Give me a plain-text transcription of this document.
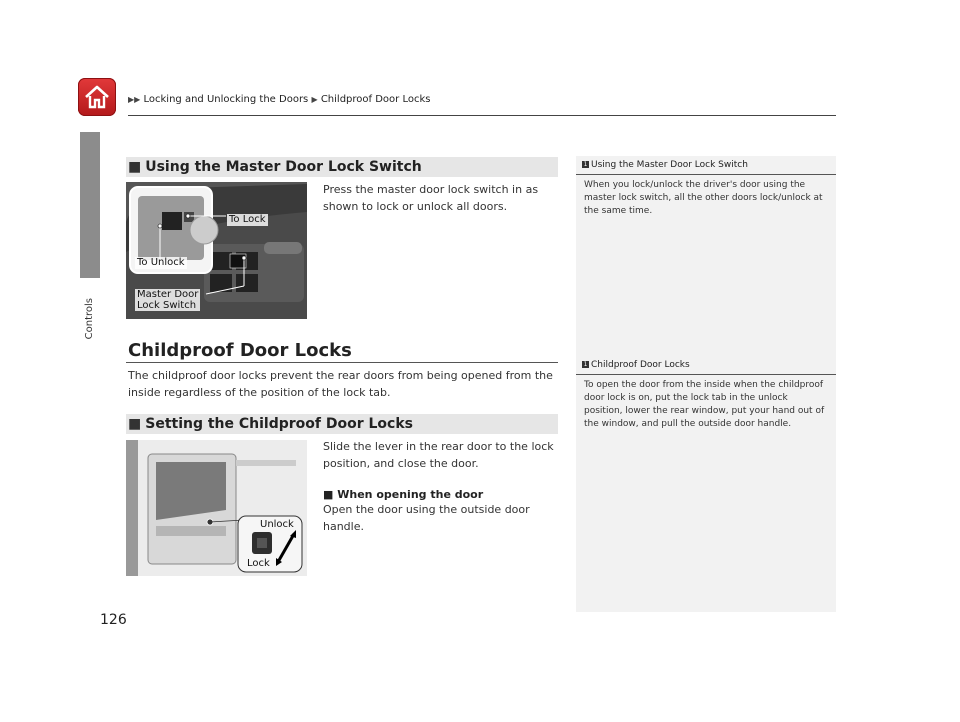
▶▶ Locking and Unlocking the Doors ▶ Childproof Door Locks
Controls
■ Using the Master Door Lock Switch
To Lock
To Unlock
Master Door
Lock Switch
Press the master door lock switch in as shown to lock or unlock all doors.
Childproof Door Locks
The childproof door locks prevent the rear doors from being opened from the inside regardless of the position of the lock tab.
■ Setting the Childproof Door Locks
Unlock
Lock
Slide the lever in the rear door to the lock position, and close the door.
■ When opening the door
Open the door using the outside door handle.
1 Using the Master Door Lock Switch
When you lock/unlock the driver's door using the master lock switch, all the other doors lock/unlock at the same time.
1 Childproof Door Locks
To open the door from the inside when the childproof door lock is on, put the lock tab in the unlock position, lower the rear window, put your hand out of the window, and pull the outside door handle.
126
